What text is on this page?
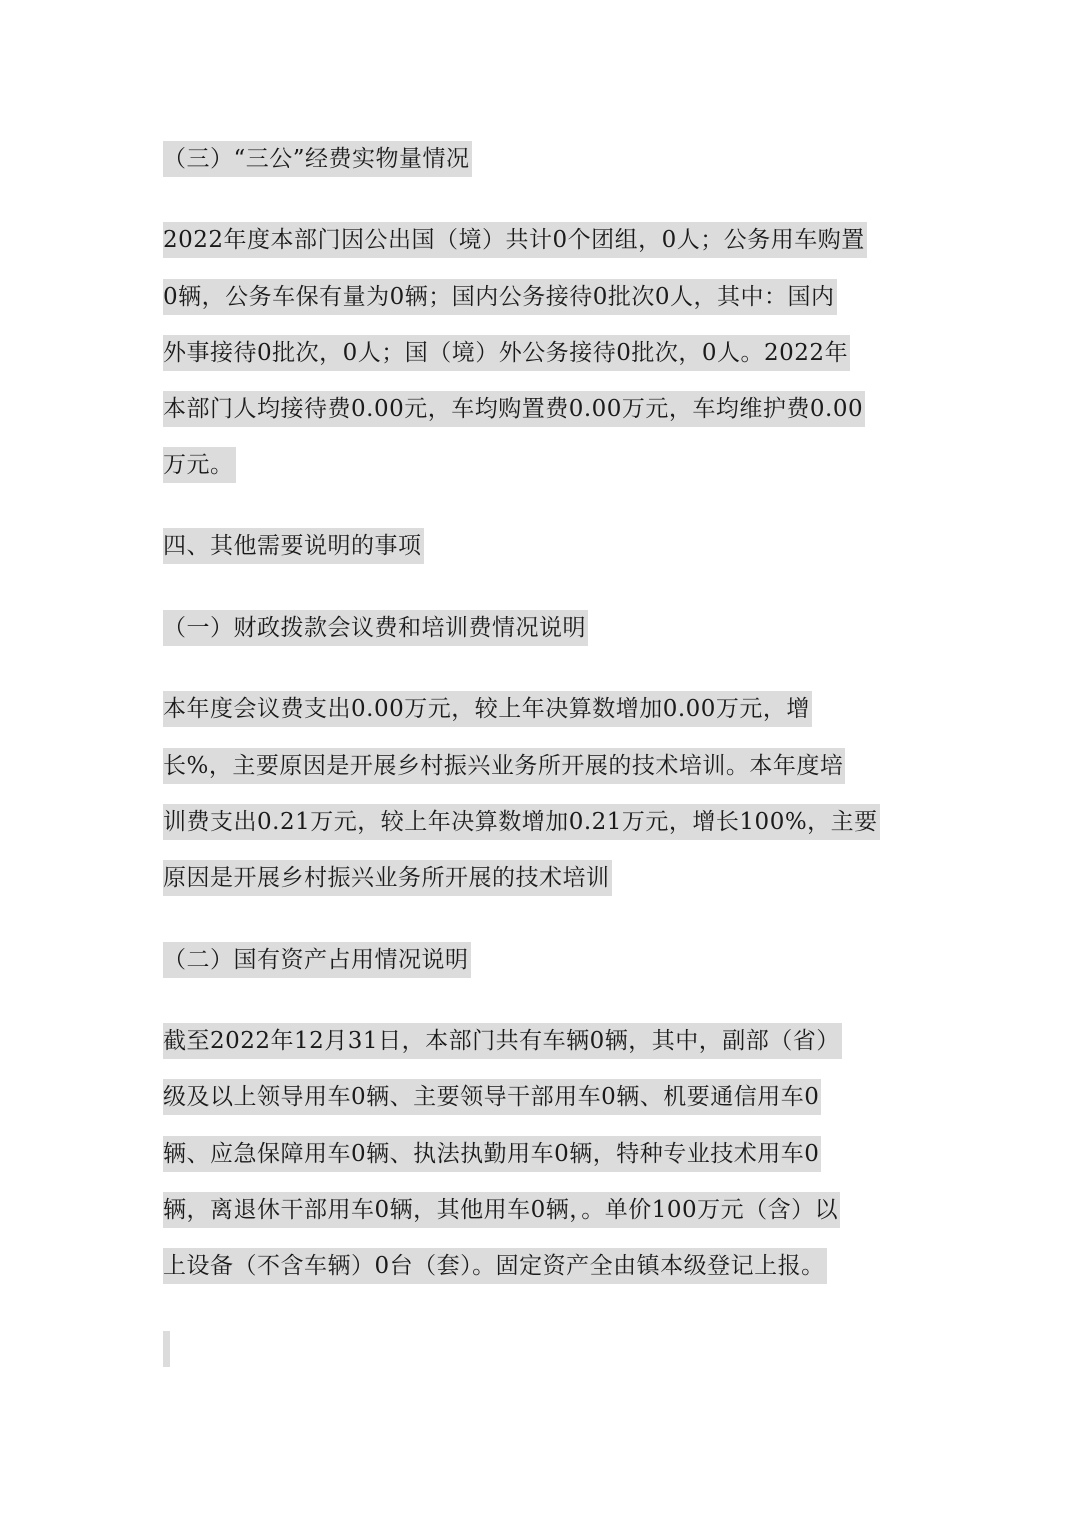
（三）“三公”经费实物量情况
2022年度本部门因公出国（境）共计0个团组，0人；公务用车购置
0辆，公务车保有量为0辆；国内公务接待0批次0人，其中：国内
外事接待0批次，0人；国（境）外公务接待0批次，0人。2022年
本部门人均接待费0.00元，车均购置费0.00万元，车均维护费0.00
万元。
四、其他需要说明的事项
（一）财政拨款会议费和培训费情况说明
本年度会议费支出0.00万元，较上年决算数增加0.00万元，增
长%，主要原因是开展乡村振兴业务所开展的技术培训。本年度培
训费支出0.21万元，较上年决算数增加0.21万元，增长100%，主要
原因是开展乡村振兴业务所开展的技术培训
（二）国有资产占用情况说明
截至2022年12月31日，本部门共有车辆0辆，其中，副部（省）
级及以上领导用车0辆、主要领导干部用车0辆、机要通信用车0
辆、应急保障用车0辆、执法执勤用车0辆，特种专业技术用车0
辆，离退休干部用车0辆，其他用车0辆，。单价100万元（含）以
上设备（不含车辆）0台（套）。固定资产全由镇本级登记上报。
